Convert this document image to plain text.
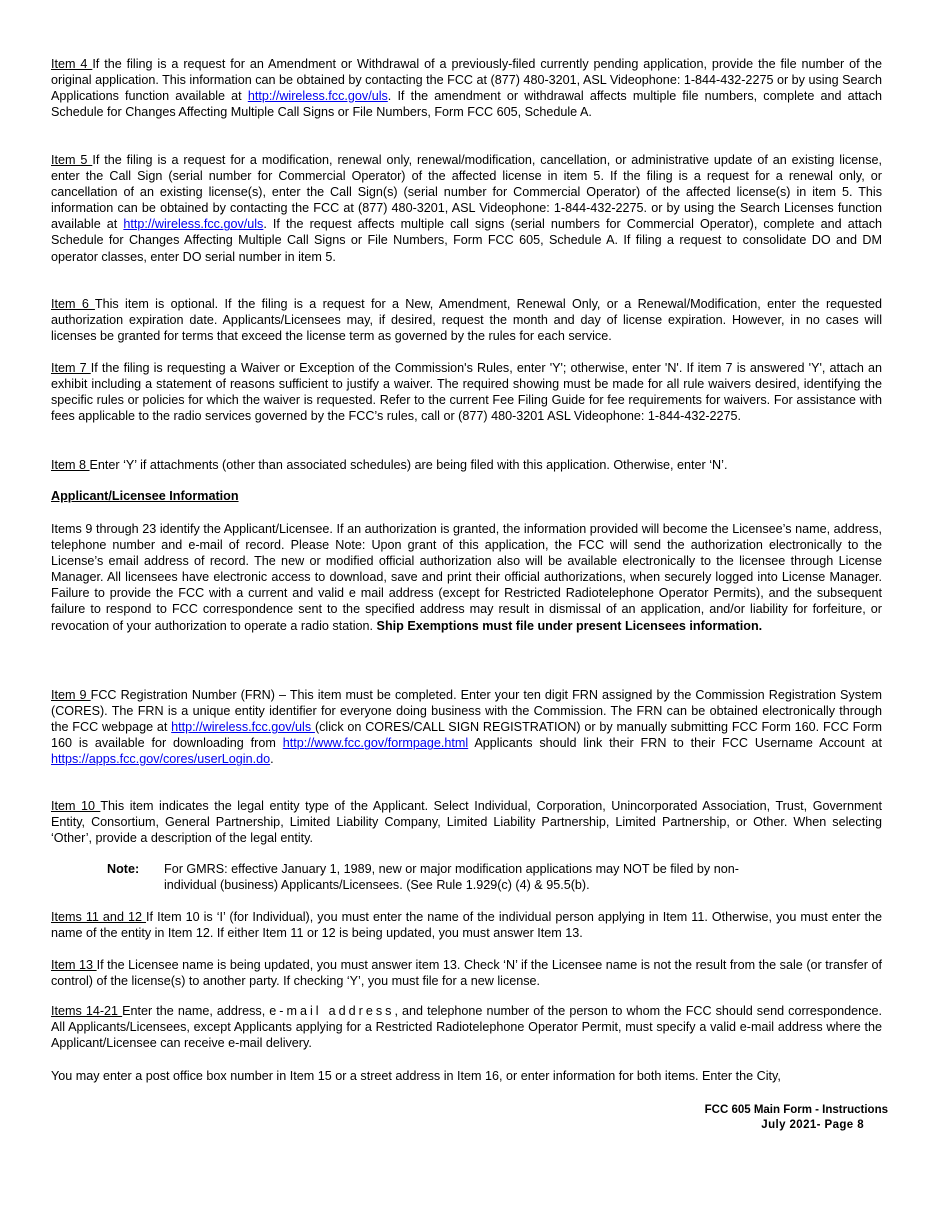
Item 4 If the filing is a request for an Amendment or Withdrawal of a previously-filed currently pending application, provide the file number of the original application. This information can be obtained by contacting the FCC at (877) 480-3201, ASL Videophone: 1-844-432-2275 or by using Search Applications function available at http://wireless.fcc.gov/uls. If the amendment or withdrawal affects multiple file numbers, complete and attach Schedule for Changes Affecting Multiple Call Signs or File Numbers, Form FCC 605, Schedule A.

Item 5 If the filing is a request for a modification, renewal only, renewal/modification, cancellation, or administrative update of an existing license, enter the Call Sign (serial number for Commercial Operator) of the affected license in item 5. If the filing is a request for a renewal only, or cancellation of an existing license(s), enter the Call Sign(s) (serial number for Commercial Operator) of the affected license(s) in item 5. This information can be obtained by contacting the FCC at (877) 480-3201, ASL Videophone: 1-844-432-2275. or by using the Search Licenses function available at http://wireless.fcc.gov/uls. If the request affects multiple call signs (serial numbers for Commercial Operator), complete and attach Schedule for Changes Affecting Multiple Call Signs or File Numbers, Form FCC 605, Schedule A. If filing a request to consolidate DO and DM operator classes, enter DO serial number in item 5.

Item 6 This item is optional. If the filing is a request for a New, Amendment, Renewal Only, or a Renewal/Modification, enter the requested authorization expiration date. Applicants/Licensees may, if desired, request the month and day of license expiration. However, in no cases will licenses be granted for terms that exceed the license term as governed by the rules for each service.

Item 7 If the filing is requesting a Waiver or Exception of the Commission's Rules, enter 'Y'; otherwise, enter 'N'. If item 7 is answered 'Y', attach an exhibit including a statement of reasons sufficient to justify a waiver. The required showing must be made for all rule waivers desired, identifying the specific rules or policies for which the waiver is requested. Refer to the current Fee Filing Guide for fee requirements for waivers. For assistance with fees applicable to the radio services governed by the FCC’s rules, call or (877) 480-3201 ASL Videophone: 1-844-432-2275.

Item 8 Enter ‘Y’ if attachments (other than associated schedules) are being filed with this application. Otherwise, enter ‘N’.

Applicant/Licensee Information

Items 9 through 23 identify the Applicant/Licensee. If an authorization is granted, the information provided will become the Licensee’s name, address, telephone number and e-mail of record. Please Note: Upon grant of this application, the FCC will send the authorization electronically to the License’s email address of record. The new or modified official authorization also will be available electronically to the licensee through License Manager. All licensees have electronic access to download, save and print their official authorizations, when securely logged into License Manager. Failure to provide the FCC with a current and valid e mail address (except for Restricted Radiotelephone Operator Permits), and the subsequent failure to respond to FCC correspondence sent to the specified address may result in dismissal of an application, and/or liability for forfeiture, or revocation of your authorization to operate a radio station. Ship Exemptions must file under present Licensees information.

Item 9 FCC Registration Number (FRN) – This item must be completed. Enter your ten digit FRN assigned by the Commission Registration System (CORES). The FRN is a unique entity identifier for everyone doing business with the Commission. The FRN can be obtained electronically through the FCC webpage at http://wireless.fcc.gov/uls (click on CORES/CALL SIGN REGISTRATION) or by manually submitting FCC Form 160. FCC Form 160 is available for downloading from http://www.fcc.gov/formpage.html Applicants should link their FRN to their FCC Username Account at https://apps.fcc.gov/cores/userLogin.do.

Item 10 This item indicates the legal entity type of the Applicant. Select Individual, Corporation, Unincorporated Association, Trust, Government Entity, Consortium, General Partnership, Limited Liability Company, Limited Liability Partnership, Limited Partnership, or Other. When selecting ‘Other’, provide a description of the legal entity.

Note: For GMRS: effective January 1, 1989, new or major modification applications may NOT be filed by non-
individual (business) Applicants/Licensees. (See Rule 1.929(c) (4) & 95.5(b).

Items 11 and 12 If Item 10 is ‘I’ (for Individual), you must enter the name of the individual person applying in Item 11. Otherwise, you must enter the name of the entity in Item 12. If either Item 11 or 12 is being updated, you must answer Item 13.

Item 13 If the Licensee name is being updated, you must answer item 13. Check ‘N’ if the Licensee name is not the result from the sale (or transfer of control) of the license(s) to another party. If checking ‘Y’, you must file for a new license.

Items 14-21 Enter the name, address, e-mail address, and telephone number of the person to whom the FCC should send correspondence. All Applicants/Licensees, except Applicants applying for a Restricted Radiotelephone Operator Permit, must specify a valid e-mail address where the Applicant/Licensee can receive e-mail delivery.

You may enter a post office box number in Item 15 or a street address in Item 16, or enter information for both items. Enter the City,

FCC 605 Main Form - Instructions
July 2021- Page 8
